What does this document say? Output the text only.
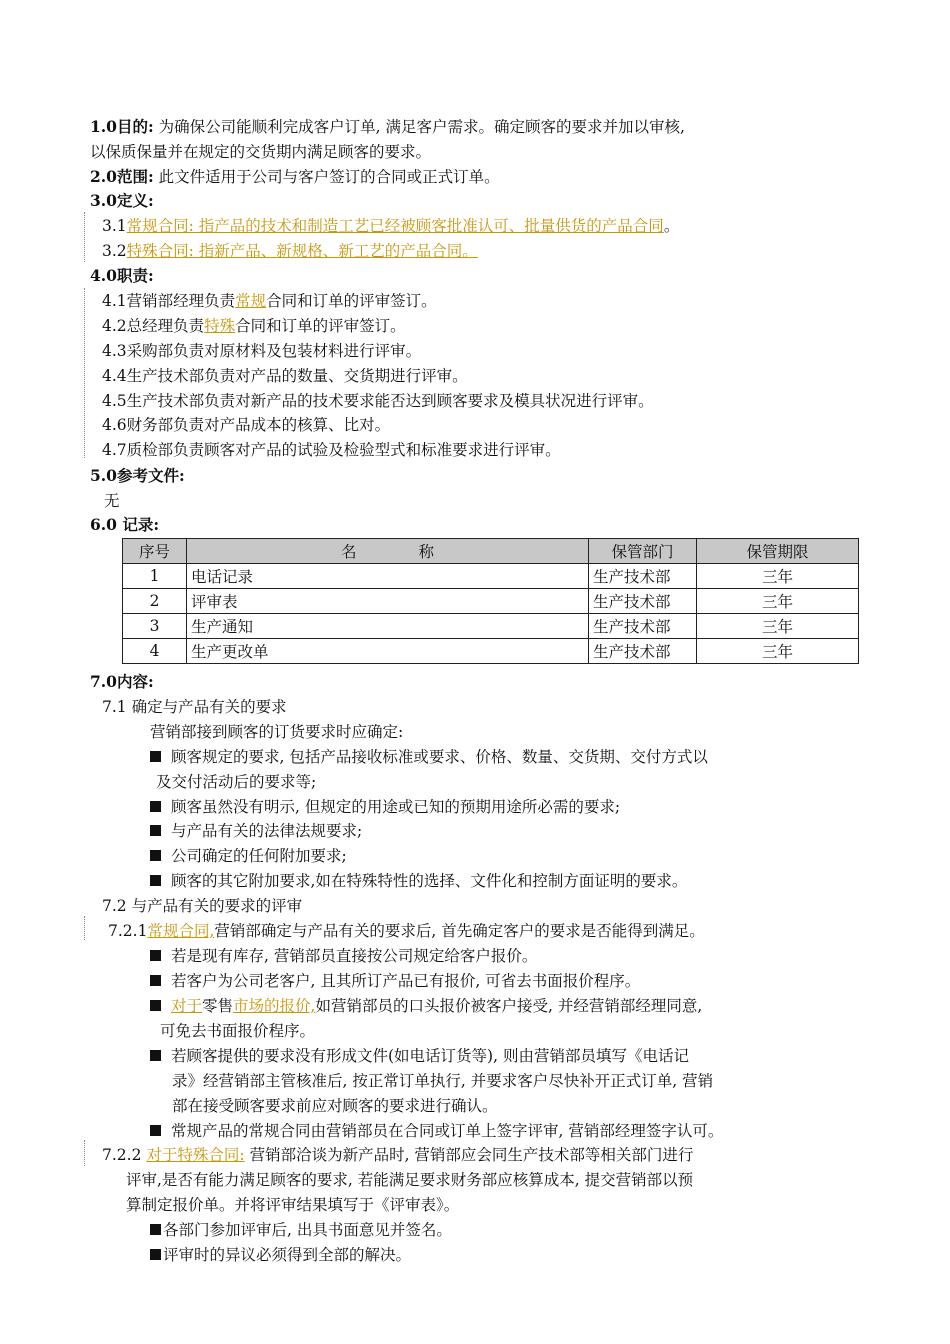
1.0目的: 为确保公司能顺利完成客户订单, 满足客户需求。确定顾客的要求并加以审核,
以保质保量并在规定的交货期内满足顾客的要求。
2.0范围: 此文件适用于公司与客户签订的合同或正式订单。
3.0定义:
3.1常规合同: 指产品的技术和制造工艺已经被顾客批准认可、批量供货的产品合同。
3.2特殊合同: 指新产品、新规格、新工艺的产品合同。
4.0职责:
4.1营销部经理负责常规合同和订单的评审签订。
4.2总经理负责特殊合同和订单的评审签订。
4.3采购部负责对原材料及包装材料进行评审。
4.4生产技术部负责对产品的数量、交货期进行评审。
4.5生产技术部负责对新产品的技术要求能否达到顾客要求及模具状况进行评审。
4.6财务部负责对产品成本的核算、比对。
4.7质检部负责顾客对产品的试验及检验型式和标准要求进行评审。
5.0参考文件:
无
6.0 记录:
序号	名　　　　称	保管部门	保管期限
1	电话记录	生产技术部	三年
2	评审表	生产技术部	三年
3	生产通知	生产技术部	三年
4	生产更改单	生产技术部	三年
7.0内容:
7.1 确定与产品有关的要求
营销部接到顾客的订货要求时应确定:
顾客规定的要求, 包括产品接收标准或要求、价格、数量、交货期、交付方式以
及交付活动后的要求等;
顾客虽然没有明示, 但规定的用途或已知的预期用途所必需的要求;
与产品有关的法律法规要求;
公司确定的任何附加要求;
顾客的其它附加要求,如在特殊特性的选择、文件化和控制方面证明的要求。
7.2 与产品有关的要求的评审
7.2.1常规合同,营销部确定与产品有关的要求后, 首先确定客户的要求是否能得到满足。
若是现有库存, 营销部员直接按公司规定给客户报价。
若客户为公司老客户, 且其所订产品已有报价, 可省去书面报价程序。
对于零售市场的报价,如营销部员的口头报价被客户接受, 并经营销部经理同意,
可免去书面报价程序。
若顾客提供的要求没有形成文件(如电话订货等), 则由营销部员填写《电话记
录》经营销部主管核准后, 按正常订单执行, 并要求客户尽快补开正式订单, 营销
部在接受顾客要求前应对顾客的要求进行确认。
常规产品的常规合同由营销部员在合同或订单上签字评审, 营销部经理签字认可。
7.2.2 对于特殊合同: 营销部洽谈为新产品时, 营销部应会同生产技术部等相关部门进行
评审,是否有能力满足顾客的要求, 若能满足要求财务部应核算成本, 提交营销部以预
算制定报价单。并将评审结果填写于《评审表》。
各部门参加评审后, 出具书面意见并签名。
评审时的异议必须得到全部的解决。
